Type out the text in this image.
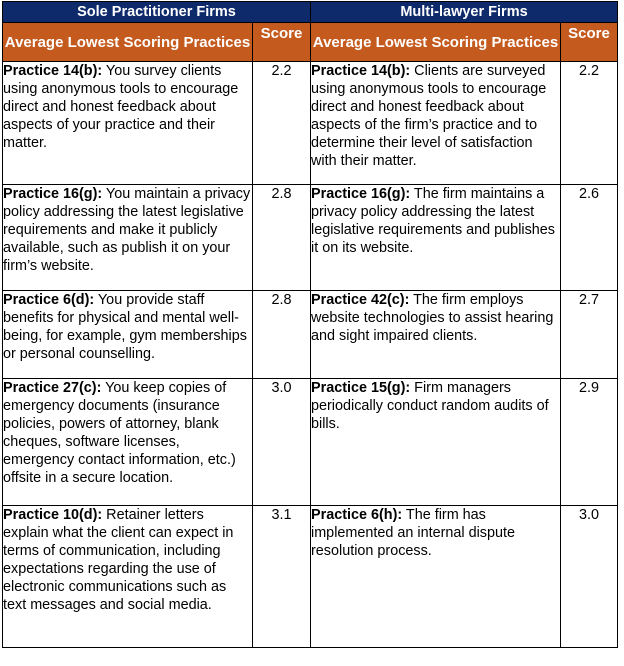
Sole Practitioner Firms		Multi-lawyer Firms	
Average Lowest Scoring Practices	Score	Average Lowest Scoring Practices	Score
Practice 14(b): You survey clients using anonymous tools to encourage direct and honest feedback about aspects of your practice and their matter.	2.2	Practice 14(b): Clients are surveyed using anonymous tools to encourage direct and honest feedback about aspects of the firm’s practice and to determine their level of satisfaction with their matter.	2.2
Practice 16(g): You maintain a privacy policy addressing the latest legislative requirements and make it publicly available, such as publish it on your firm’s website.	2.8	Practice 16(g): The firm maintains a privacy policy addressing the latest legislative requirements and publishes it on its website.	2.6
Practice 6(d): You provide staff benefits for physical and mental well-being, for example, gym memberships or personal counselling.	2.8	Practice 42(c): The firm employs website technologies to assist hearing and sight impaired clients.	2.7
Practice 27(c): You keep copies of emergency documents (insurance policies, powers of attorney, blank cheques, software licenses, emergency contact information, etc.) offsite in a secure location.	3.0	Practice 15(g): Firm managers periodically conduct random audits of bills.	2.9
Practice 10(d): Retainer letters explain what the client can expect in terms of communication, including expectations regarding the use of electronic communications such as text messages and social media.	3.1	Practice 6(h): The firm has implemented an internal dispute resolution process.	3.0
